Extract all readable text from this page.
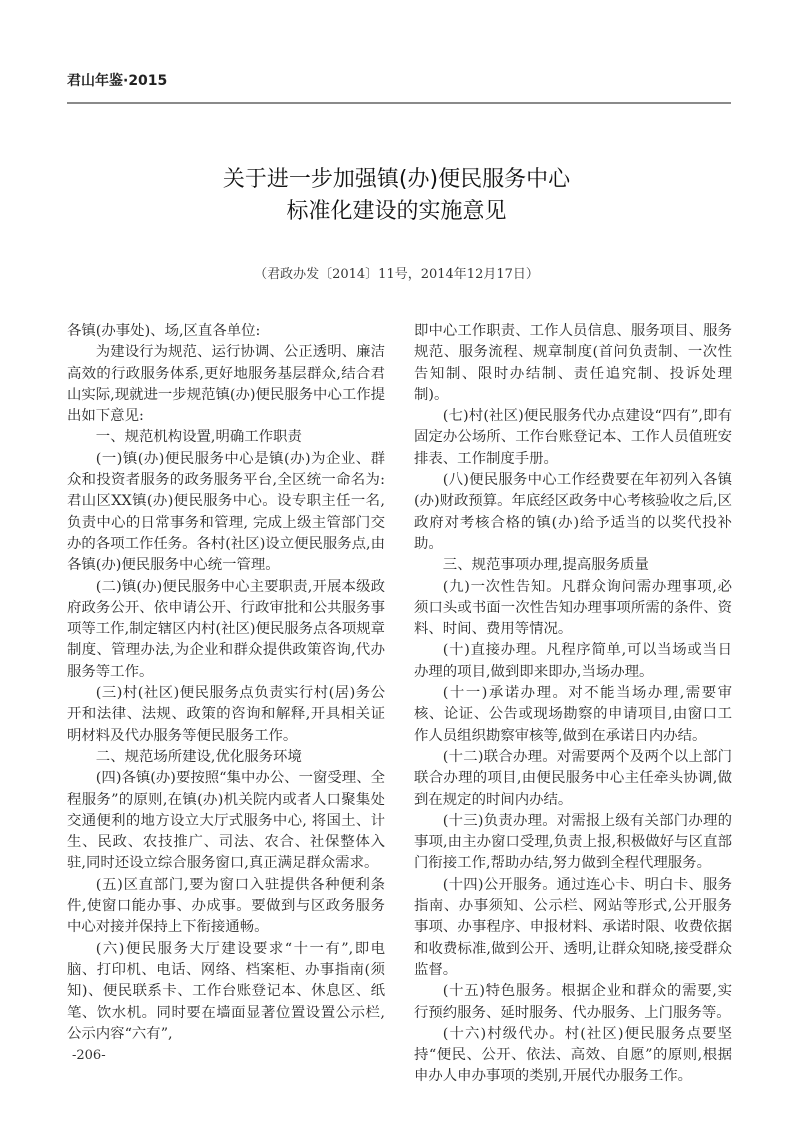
君山年鉴·2015
关于进一步加强镇(办)便民服务中心
标准化建设的实施意见
（君政办发〔2014〕11号，2014年12月17日）

各镇(办事处)、场,区直各单位:

为建设行为规范、运行协调、公正透明、廉洁高效的行政服务体系,更好地服务基层群众,结合君山实际,现就进一步规范镇(办)便民服务中心工作提出如下意见:

一、规范机构设置,明确工作职责

(一)镇(办)便民服务中心是镇(办)为企业、群众和投资者服务的政务服务平台,全区统一命名为:君山区XX镇(办)便民服务中心。设专职主任一名,负责中心的日常事务和管理, 完成上级主管部门交办的各项工作任务。各村(社区)设立便民服务点,由各镇(办)便民服务中心统一管理。

(二)镇(办)便民服务中心主要职责,开展本级政府政务公开、依申请公开、行政审批和公共服务事项等工作,制定辖区内村(社区)便民服务点各项规章制度、管理办法,为企业和群众提供政策咨询,代办服务等工作。

(三)村(社区)便民服务点负责实行村(居)务公开和法律、法规、政策的咨询和解释,开具相关证明材料及代办服务等便民服务工作。

二、规范场所建设,优化服务环境

(四)各镇(办)要按照“集中办公、一窗受理、全程服务”的原则,在镇(办)机关院内或者人口聚集处交通便利的地方设立大厅式服务中心, 将国土、计生、民政、农技推广、司法、农合、社保整体入驻,同时还设立综合服务窗口,真正满足群众需求。

(五)区直部门,要为窗口入驻提供各种便利条件,使窗口能办事、办成事。要做到与区政务服务中心对接并保持上下衔接通畅。

(六)便民服务大厅建设要求“十一有”,即电脑、打印机、电话、网络、档案柜、办事指南(须知)、便民联系卡、工作台账登记本、休息区、纸笔、饮水机。同时要在墙面显著位置设置公示栏,公示内容“六有”,

-206-

即中心工作职责、工作人员信息、服务项目、服务规范、服务流程、规章制度(首问负责制、一次性告知制、限时办结制、责任追究制、投诉处理制)。

(七)村(社区)便民服务代办点建设“四有”,即有固定办公场所、工作台账登记本、工作人员值班安排表、工作制度手册。

(八)便民服务中心工作经费要在年初列入各镇(办)财政预算。年底经区政务中心考核验收之后,区政府对考核合格的镇(办)给予适当的以奖代投补助。

三、规范事项办理,提高服务质量

(九)一次性告知。凡群众询问需办理事项,必须口头或书面一次性告知办理事项所需的条件、资料、时间、费用等情况。

(十)直接办理。凡程序简单,可以当场或当日办理的项目,做到即来即办,当场办理。

(十一)承诺办理。对不能当场办理,需要审核、论证、公告或现场勘察的申请项目,由窗口工作人员组织勘察审核等,做到在承诺日内办结。

(十二)联合办理。对需要两个及两个以上部门联合办理的项目,由便民服务中心主任牵头协调,做到在规定的时间内办结。

(十三)负责办理。对需报上级有关部门办理的事项,由主办窗口受理,负责上报,积极做好与区直部门衔接工作,帮助办结,努力做到全程代理服务。

(十四)公开服务。通过连心卡、明白卡、服务指南、办事须知、公示栏、网站等形式,公开服务事项、办事程序、申报材料、承诺时限、收费依据和收费标准,做到公开、透明,让群众知晓,接受群众监督。

(十五)特色服务。根据企业和群众的需要,实行预约服务、延时服务、代办服务、上门服务等。

(十六)村级代办。村(社区)便民服务点要坚持“便民、公开、依法、高效、自愿”的原则,根据申办人申办事项的类别,开展代办服务工作。
